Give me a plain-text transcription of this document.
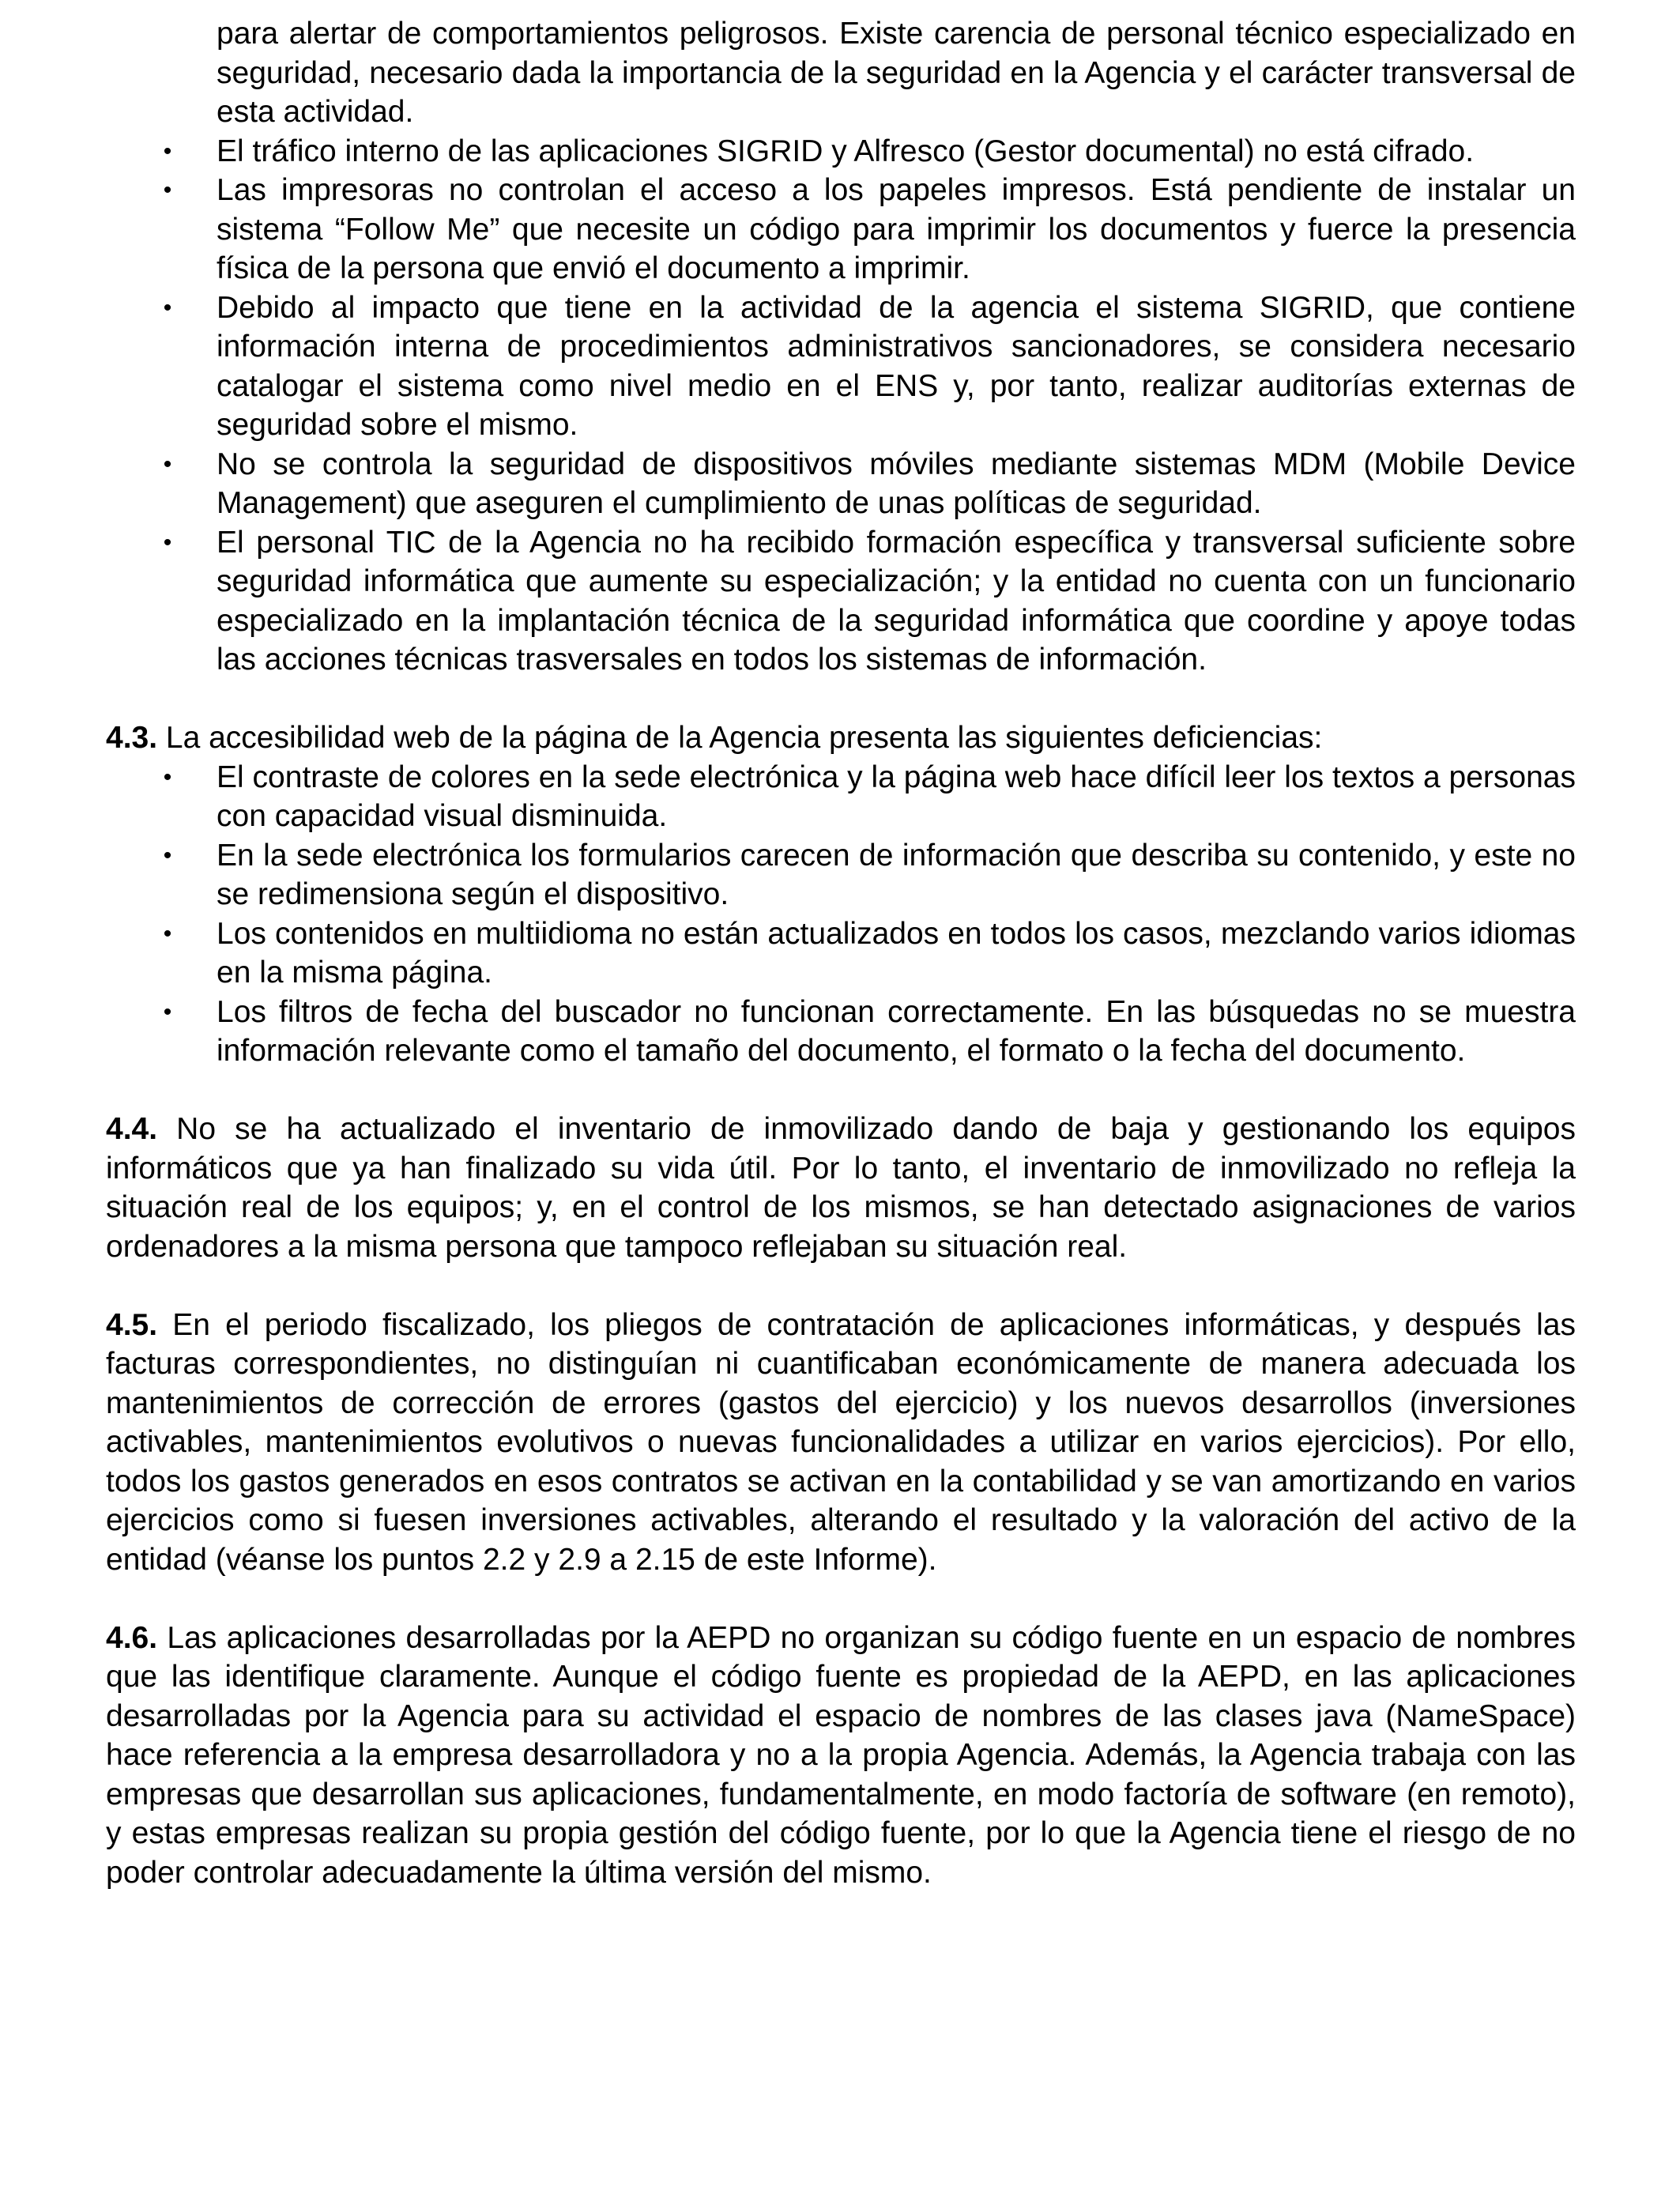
para alertar de comportamientos peligrosos. Existe carencia de personal técnico especializado en seguridad, necesario dada la importancia de la seguridad en la Agencia y el carácter transversal de esta actividad.
• El tráfico interno de las aplicaciones SIGRID y Alfresco (Gestor documental) no está cifrado.
• Las impresoras no controlan el acceso a los papeles impresos. Está pendiente de instalar un sistema “Follow Me” que necesite un código para imprimir los documentos y fuerce la presencia física de la persona que envió el documento a imprimir.
• Debido al impacto que tiene en la actividad de la agencia el sistema SIGRID, que contiene información interna de procedimientos administrativos sancionadores, se considera necesario catalogar el sistema como nivel medio en el ENS y, por tanto, realizar auditorías externas de seguridad sobre el mismo.
• No se controla la seguridad de dispositivos móviles mediante sistemas MDM (Mobile Device Management) que aseguren el cumplimiento de unas políticas de seguridad.
• El personal TIC de la Agencia no ha recibido formación específica y transversal suficiente sobre seguridad informática que aumente su especialización; y la entidad no cuenta con un funcionario especializado en la implantación técnica de la seguridad informática que coordine y apoye todas las acciones técnicas trasversales en todos los sistemas de información.

4.3. La accesibilidad web de la página de la Agencia presenta las siguientes deficiencias:

• El contraste de colores en la sede electrónica y la página web hace difícil leer los textos a personas con capacidad visual disminuida.
• En la sede electrónica los formularios carecen de información que describa su contenido, y este no se redimensiona según el dispositivo.
• Los contenidos en multiidioma no están actualizados en todos los casos, mezclando varios idiomas en la misma página.
• Los filtros de fecha del buscador no funcionan correctamente. En las búsquedas no se muestra información relevante como el tamaño del documento, el formato o la fecha del documento.

4.4. No se ha actualizado el inventario de inmovilizado dando de baja y gestionando los equipos informáticos que ya han finalizado su vida útil. Por lo tanto, el inventario de inmovilizado no refleja la situación real de los equipos; y, en el control de los mismos, se han detectado asignaciones de varios ordenadores a la misma persona que tampoco reflejaban su situación real.

4.5. En el periodo fiscalizado, los pliegos de contratación de aplicaciones informáticas, y después las facturas correspondientes, no distinguían ni cuantificaban económicamente de manera adecuada los mantenimientos de corrección de errores (gastos del ejercicio) y los nuevos desarrollos (inversiones activables, mantenimientos evolutivos o nuevas funcionalidades a utilizar en varios ejercicios). Por ello, todos los gastos generados en esos contratos se activan en la contabilidad y se van amortizando en varios ejercicios como si fuesen inversiones activables, alterando el resultado y la valoración del activo de la entidad (véanse los puntos 2.2 y 2.9 a 2.15 de este Informe).

4.6. Las aplicaciones desarrolladas por la AEPD no organizan su código fuente en un espacio de nombres que las identifique claramente. Aunque el código fuente es propiedad de la AEPD, en las aplicaciones desarrolladas por la Agencia para su actividad el espacio de nombres de las clases java (NameSpace) hace referencia a la empresa desarrolladora y no a la propia Agencia. Además, la Agencia trabaja con las empresas que desarrollan sus aplicaciones, fundamentalmente, en modo factoría de software (en remoto), y estas empresas realizan su propia gestión del código fuente, por lo que la Agencia tiene el riesgo de no poder controlar adecuadamente la última versión del mismo.
